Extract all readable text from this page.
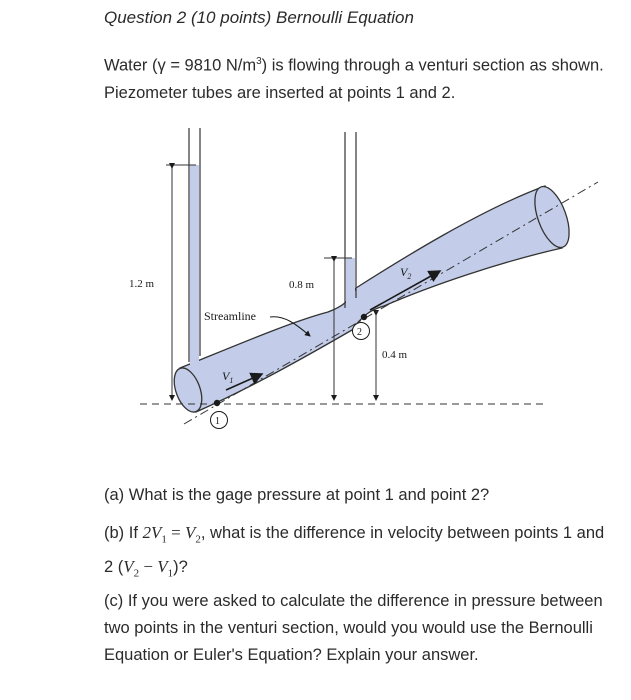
Question 2 (10 points) Bernoulli Equation
Water (γ = 9810 $N/m^3$) is flowing through a venturi section as shown. Piezometer tubes are inserted at points 1 and 2.
1.2 m	0.8 m
0.4 m
Streamline
1
2
$V_1$
$V_2$
(a) What is the gage pressure at point 1 and point 2?
(b) If $2V_1 = V_2$, what is the difference in velocity between points 1 and 2 $(V_2 - V_1)$?
(c) If you were asked to calculate the difference in pressure between two points in the venturi section, would you would use the Bernoulli Equation or Euler's Equation? Explain your answer.
